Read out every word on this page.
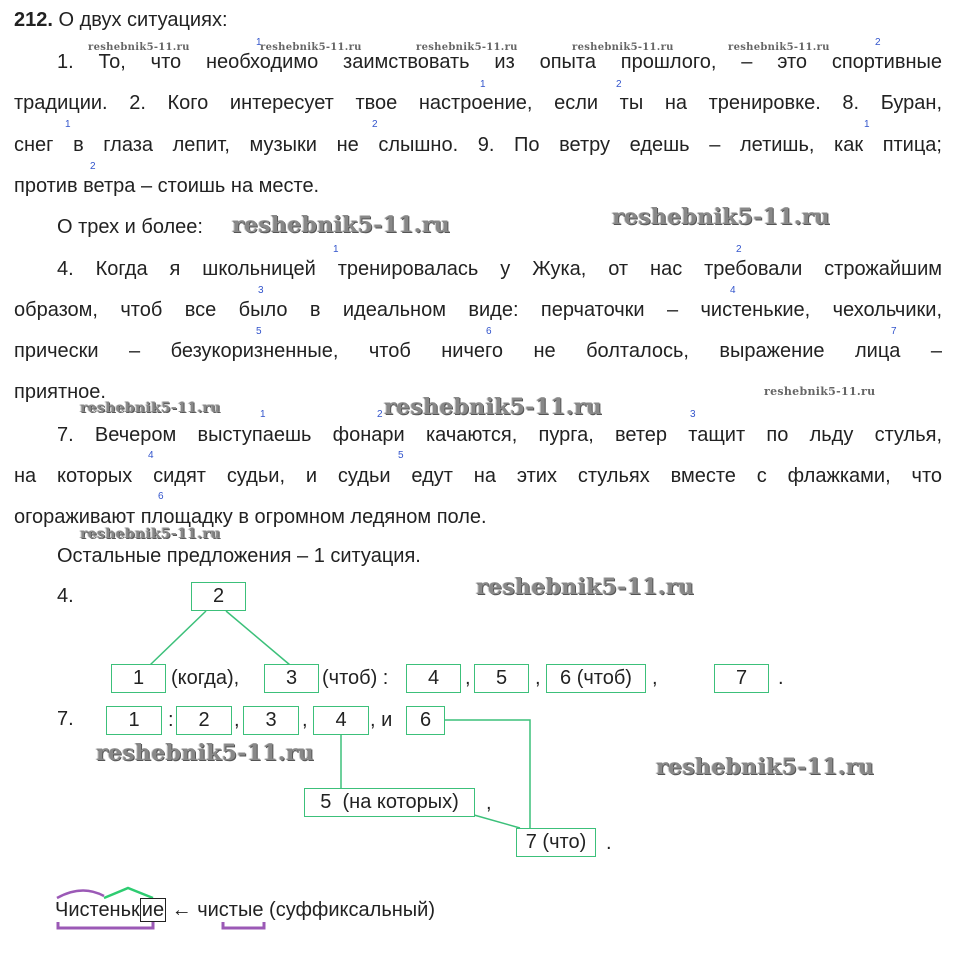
212. О двух ситуациях:
1. То, что необходимо заимствовать из опыта прошлого, – это спортивные
традиции. 2. Кого интересует твое настроение, если ты на тренировке. 8. Буран,
снег в глаза лепит, музыки не слышно. 9. По ветру едешь – летишь, как птица;
против ветра – стоишь на месте.
О трех и более:
4. Когда я школьницей тренировалась у Жука, от нас требовали строжайшим
образом, чтоб все было в идеальном виде: перчаточки – чистенькие, чехольчики,
прически – безукоризненные, чтоб ничего не болталось, выражение лица –
приятное.
7. Вечером выступаешь фонари качаются, пурга, ветер тащит по льду стулья,
на которых сидят судьи, и судьи едут на этих стульях вместе с флажками, что
огораживают площадку в огромном ледяном поле.
Остальные предложения – 1 ситуация.
1	2
1	2
1	2	1
2
1	2
3	4
5	6	7
1	2	3
4	5
6
reshebnik5-11.ru	reshebnik5-11.ru	reshebnik5-11.ru	reshebnik5-11.ru	reshebnik5-11.ru
reshebnik5-11.ru	reshebnik5-11.ru
reshebnik5-11.ru
reshebnik5-11.ru	reshebnik5-11.ru
reshebnik5-11.ru
reshebnik5-11.ru
reshebnik5-11.ru
reshebnik5-11.ru
4.	2
1	(когда),	3	(чтоб) :	4	,	5	, 6 (чтоб)	,	7	.
7.	1	:	2	,	3	,	4	, и	6
5  (на которых)	,
7 (что) .
Чистеньк ие ← чистые (суффиксальный)
